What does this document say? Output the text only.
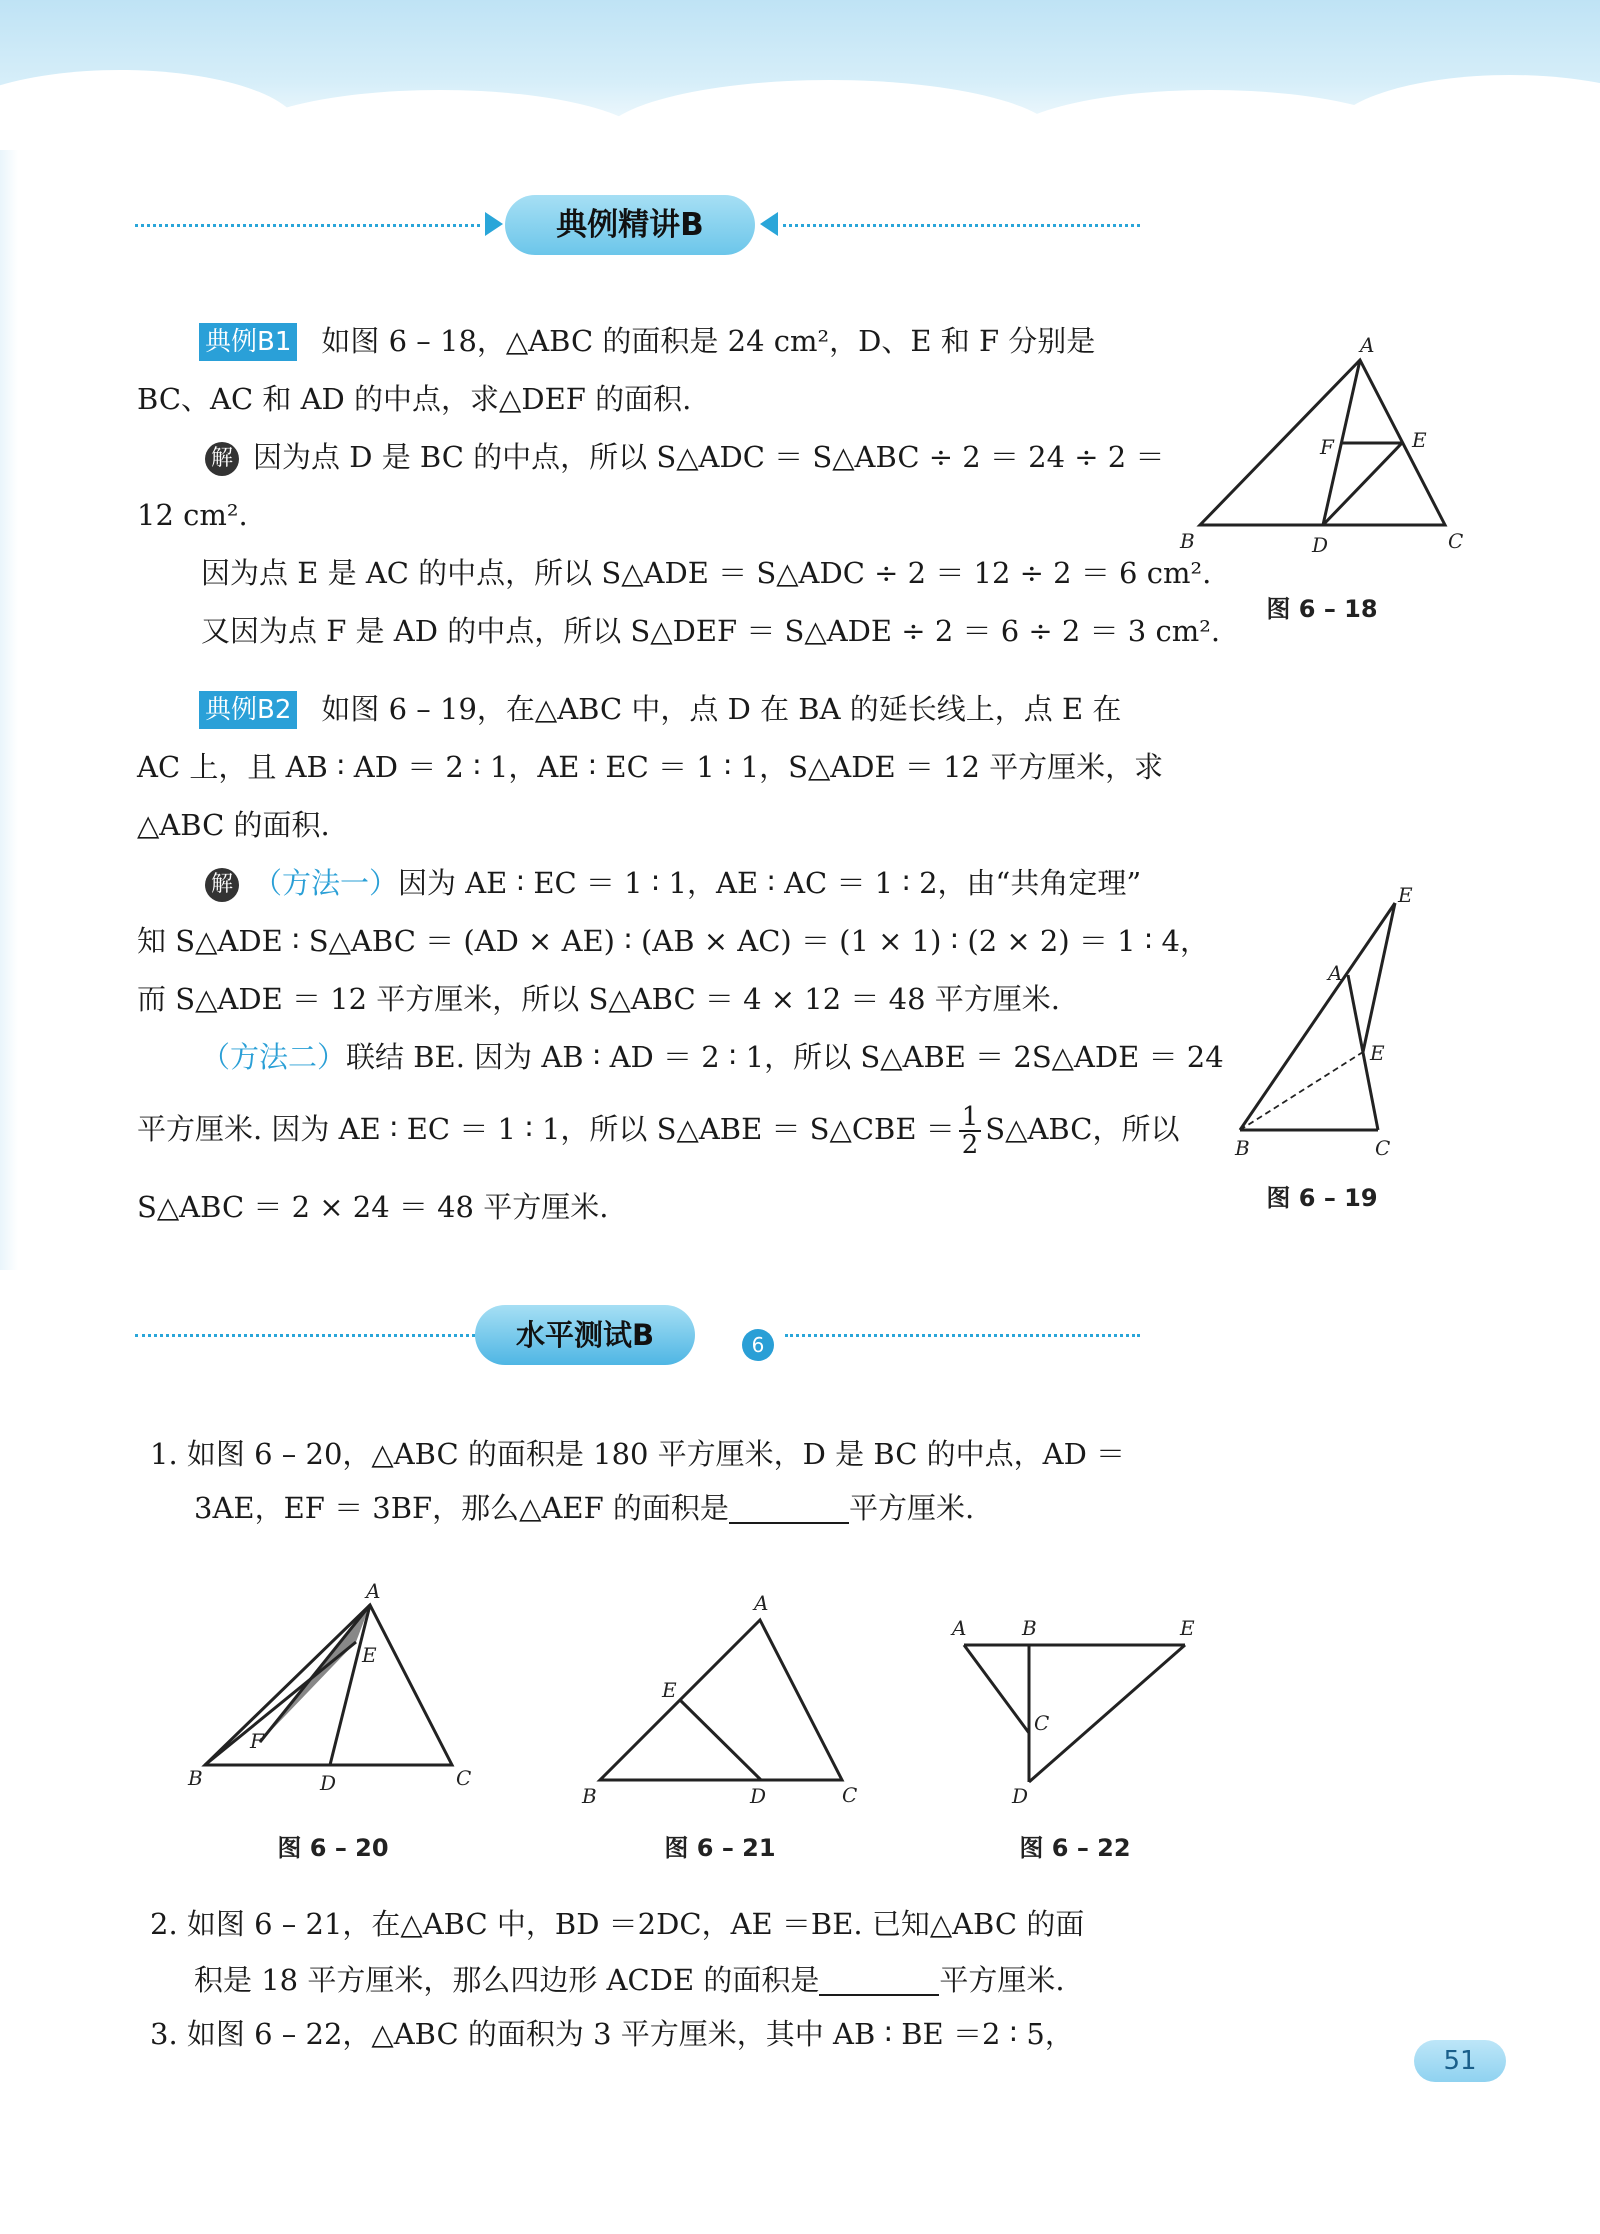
典例精讲B
典例B1 如图 6 – 18，△ABC 的面积是 24 cm²，D、E 和 F 分别是
BC、AC 和 AD 的中点，求△DEF 的面积.
解 因为点 D 是 BC 的中点，所以 S△ADC ＝ S△ABC ÷ 2 ＝ 24 ÷ 2 ＝
12 cm².
因为点 E 是 AC 的中点，所以 S△ADE ＝ S△ADC ÷ 2 ＝ 12 ÷ 2 ＝ 6 cm².
又因为点 F 是 AD 的中点，所以 S△DEF ＝ S△ADE ÷ 2 ＝ 6 ÷ 2 ＝ 3 cm².
A
B	C
D
E
F
图 6 – 18
典例B2 如图 6 – 19，在△ABC 中，点 D 在 BA 的延长线上，点 E 在
AC 上，且 AB ∶ AD ＝ 2 ∶ 1，AE ∶ EC ＝ 1 ∶ 1，S△ADE ＝ 12 平方厘米，求
△ABC 的面积.
解 （方法一）因为 AE ∶ EC ＝ 1 ∶ 1，AE ∶ AC ＝ 1 ∶ 2，由“共角定理”
知 S△ADE ∶ S△ABC ＝ (AD × AE) ∶ (AB × AC) ＝ (1 × 1) ∶ (2 × 2) ＝ 1 ∶ 4，
而 S△ADE ＝ 12 平方厘米，所以 S△ABC ＝ 4 × 12 ＝ 48 平方厘米.
（方法二）联结 BE. 因为 AB ∶ AD ＝ 2 ∶ 1，所以 S△ABE ＝ 2S△ADE ＝ 24
平方厘米. 因为 AE ∶ EC ＝ 1 ∶ 1，所以 S△ABE ＝ S△CBE ＝ $\frac{1}{2}$ S△ABC，所以
S△ABC ＝ 2 × 24 ＝ 48 平方厘米.
E
A
E
B	C
图 6 – 19
水平测试B	6
1. 如图 6 – 20，△ABC 的面积是 180 平方厘米，D 是 BC 的中点，AD ＝
3AE，EF ＝ 3BF，那么△AEF 的面积是	平方厘米.
A
B	C
D
E
F
图 6 – 20
A
B	C
D
E
图 6 – 21
A	B
C
D
E
图 6 – 22
2. 如图 6 – 21，在△ABC 中，BD ＝2DC，AE ＝BE. 已知△ABC 的面
积是 18 平方厘米，那么四边形 ACDE 的面积是	平方厘米.
3. 如图 6 – 22，△ABC 的面积为 3 平方厘米，其中 AB ∶ BE ＝2 ∶ 5，
51
